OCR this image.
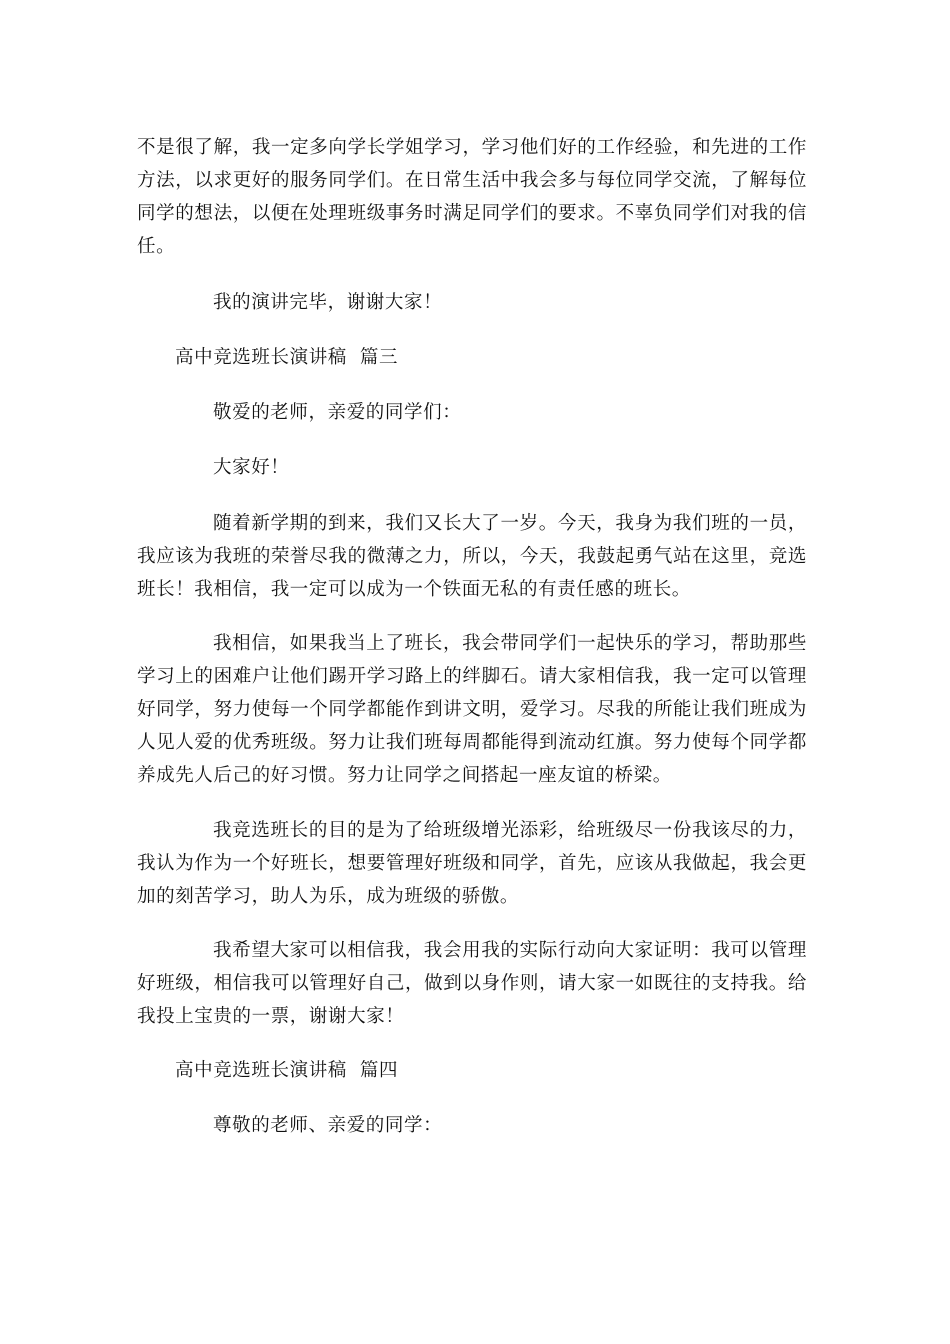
不是很了解，我一定多向学长学姐学习，学习他们好的工作经验，和先进的工作方法，以求更好的服务同学们。在日常生活中我会多与每位同学交流，了解每位同学的想法，以便在处理班级事务时满足同学们的要求。不辜负同学们对我的信任。

我的演讲完毕，谢谢大家！

高中竞选班长演讲稿  篇三

敬爱的老师，亲爱的同学们：

大家好！

随着新学期的到来，我们又长大了一岁。今天，我身为我们班的一员，我应该为我班的荣誉尽我的微薄之力，所以，今天，我鼓起勇气站在这里，竞选班长！我相信，我一定可以成为一个铁面无私的有责任感的班长。

我相信，如果我当上了班长，我会带同学们一起快乐的学习，帮助那些学习上的困难户让他们踢开学习路上的绊脚石。请大家相信我，我一定可以管理好同学，努力使每一个同学都能作到讲文明，爱学习。尽我的所能让我们班成为人见人爱的优秀班级。努力让我们班每周都能得到流动红旗。努力使每个同学都养成先人后己的好习惯。努力让同学之间搭起一座友谊的桥梁。

我竞选班长的目的是为了给班级增光添彩，给班级尽一份我该尽的力，我认为作为一个好班长，想要管理好班级和同学，首先，应该从我做起，我会更加的刻苦学习，助人为乐，成为班级的骄傲。

我希望大家可以相信我，我会用我的实际行动向大家证明：我可以管理好班级，相信我可以管理好自己，做到以身作则，请大家一如既往的支持我。给我投上宝贵的一票，谢谢大家！

高中竞选班长演讲稿  篇四

尊敬的老师、亲爱的同学：
